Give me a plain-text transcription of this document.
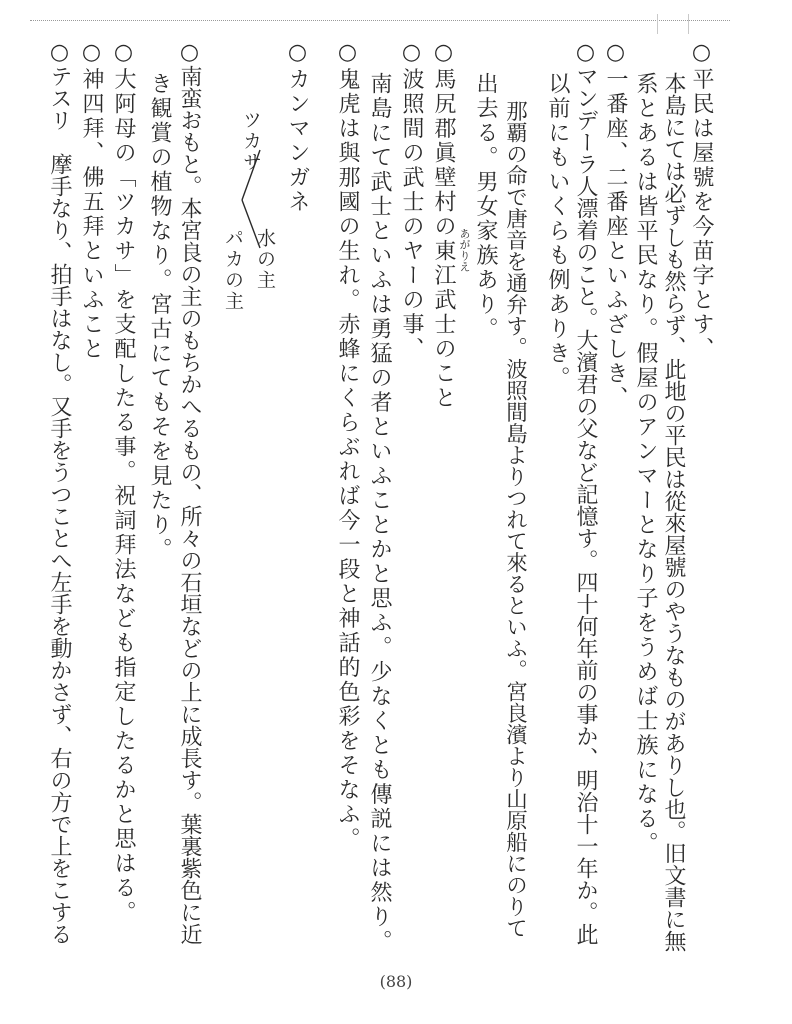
○平民は屋號を今苗字とす、
本島にては必ずしも然らず、此地の平民は從來屋號のやうなものがありし也。旧文書に無
系とあるは皆平民なり。假屋のアンマーとなり子をうめば士族になる。
○一番座、二番座といふざしき、
○マンデーラ人漂着のこと。大濱君の父など記憶す。四十何年前の事か、明治十一年か。此
以前にもいくらも例ありき。
那覇の命で唐音を通弁す。波照間島よりつれて來るといふ。宮良濱より山原船にのりて
出去る。男女家族あり。
○馬尻郡眞壁村の東江武士のこと あがりえ
○波照間の武士のヤーの事、
南島にて武士といふは勇猛の者といふことかと思ふ。少なくとも傳説には然り。
○鬼虎は與那國の生れ。赤蜂にくらぶれば今一段と神話的色彩をそなふ。
○カンマンガネ
ツカサ
水の主
パカの主
○南蛮おもと。本宮良の主のもちかへるもの、所々の石垣などの上に成長す。葉裏紫色に近
き観賞の植物なり。宮古にてもそを見たり。
○大阿母の「ツカサ」を支配したる事。祝詞拜法なども指定したるかと思はる。
○神四拜、佛五拜といふこと
○テスリ　摩手なり、拍手はなし。又手をうつことへ左手を動かさず、右の方で上をこする
(88)
